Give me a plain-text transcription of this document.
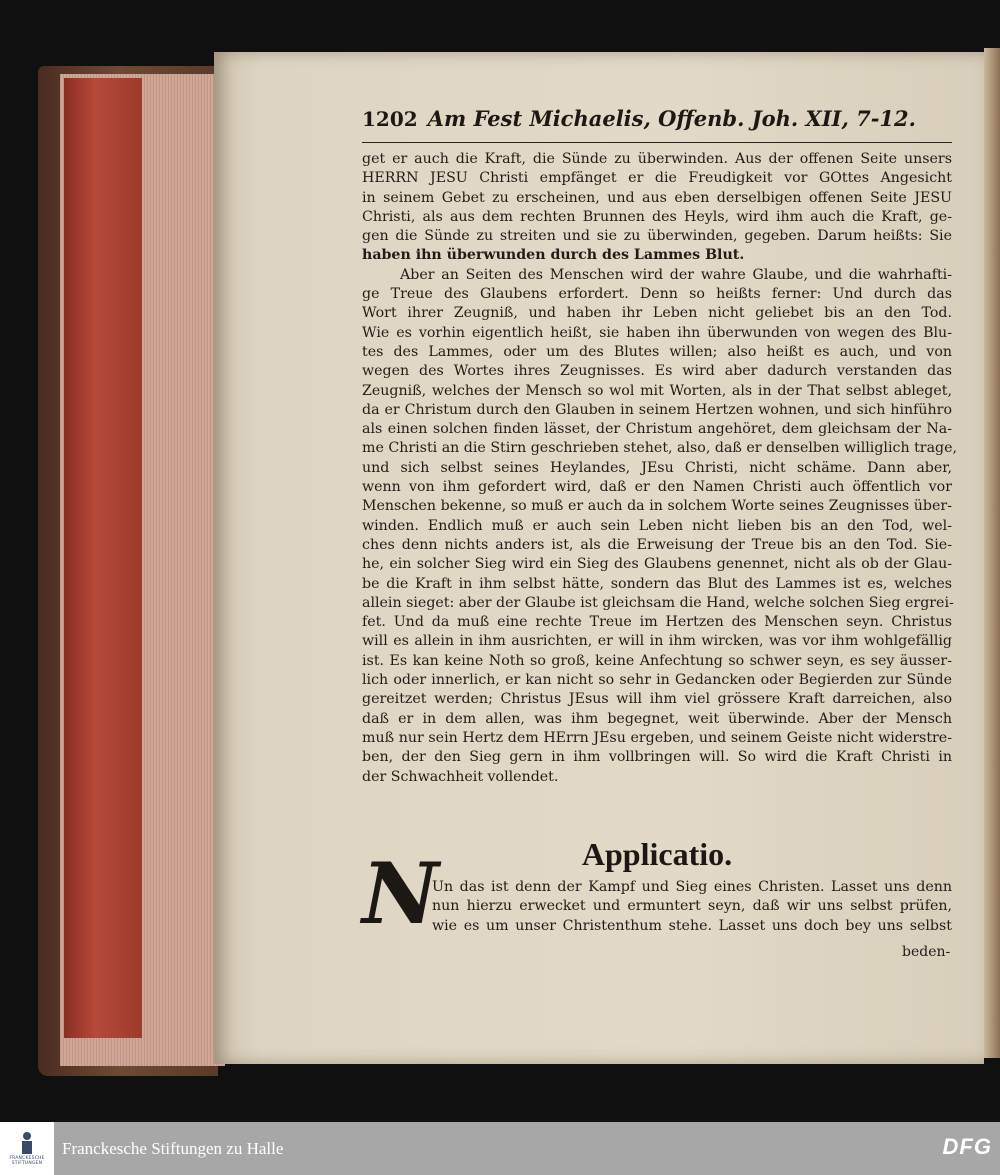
1202 Am Fest Michaelis, Offenb. Joh. XII, 7-12.
get er auch die Kraft, die Sünde zu überwinden. Aus der offenen Seite unsers
HERRN JESU Christi empfänget er die Freudigkeit vor GOttes Angesicht
in seinem Gebet zu erscheinen, und aus eben derselbigen offenen Seite JESU
Christi, als aus dem rechten Brunnen des Heyls, wird ihm auch die Kraft, ge-
gen die Sünde zu streiten und sie zu überwinden, gegeben. Darum heißts: Sie
haben ihn überwunden durch des Lammes Blut.
Aber an Seiten des Menschen wird der wahre Glaube, und die wahrhafti-
ge Treue des Glaubens erfordert. Denn so heißts ferner: Und durch das
Wort ihrer Zeugniß, und haben ihr Leben nicht geliebet bis an den Tod.
Wie es vorhin eigentlich heißt, sie haben ihn überwunden von wegen des Blu-
tes des Lammes, oder um des Blutes willen; also heißt es auch, und von
wegen des Wortes ihres Zeugnisses. Es wird aber dadurch verstanden das
Zeugniß, welches der Mensch so wol mit Worten, als in der That selbst ableget,
da er Christum durch den Glauben in seinem Hertzen wohnen, und sich hinführo
als einen solchen finden lässet, der Christum angehöret, dem gleichsam der Na-
me Christi an die Stirn geschrieben stehet, also, daß er denselben williglich trage,
und sich selbst seines Heylandes, JEsu Christi, nicht schäme. Dann aber,
wenn von ihm gefordert wird, daß er den Namen Christi auch öffentlich vor
Menschen bekenne, so muß er auch da in solchem Worte seines Zeugnisses über-
winden. Endlich muß er auch sein Leben nicht lieben bis an den Tod, wel-
ches denn nichts anders ist, als die Erweisung der Treue bis an den Tod. Sie-
he, ein solcher Sieg wird ein Sieg des Glaubens genennet, nicht als ob der Glau-
be die Kraft in ihm selbst hätte, sondern das Blut des Lammes ist es, welches
allein sieget: aber der Glaube ist gleichsam die Hand, welche solchen Sieg ergrei-
fet. Und da muß eine rechte Treue im Hertzen des Menschen seyn. Christus
will es allein in ihm ausrichten, er will in ihm wircken, was vor ihm wohlgefällig
ist. Es kan keine Noth so groß, keine Anfechtung so schwer seyn, es sey äusser-
lich oder innerlich, er kan nicht so sehr in Gedancken oder Begierden zur Sünde
gereitzet werden; Christus JEsus will ihm viel grössere Kraft darreichen, also
daß er in dem allen, was ihm begegnet, weit überwinde. Aber der Mensch
muß nur sein Hertz dem HErrn JEsu ergeben, und seinem Geiste nicht widerstre-
ben, der den Sieg gern in ihm vollbringen will. So wird die Kraft Christi in
der Schwachheit vollendet.
Applicatio.
N
Un das ist denn der Kampf und Sieg eines Christen. Lasset uns denn
nun hierzu erwecket und ermuntert seyn, daß wir uns selbst prüfen,
wie es um unser Christenthum stehe. Lasset uns doch bey uns selbst
beden-
FRANCKESCHE
STIFTUNGEN
Franckesche Stiftungen zu Halle	DFG
